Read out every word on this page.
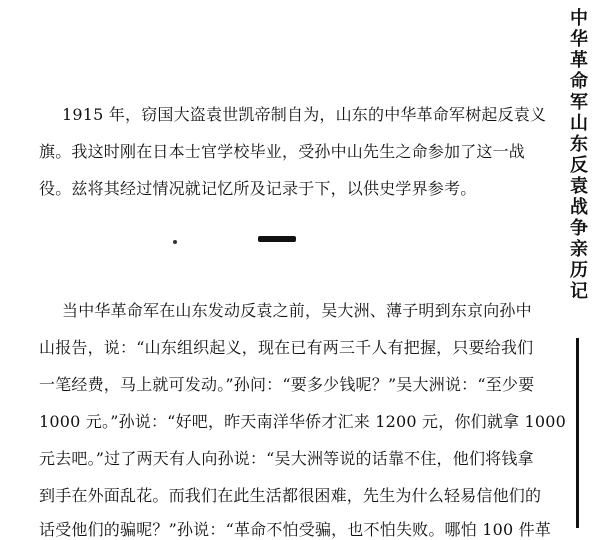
1915 年，窃国大盗袁世凯帝制自为，山东的中华革命军树起反袁义
旗。我这时刚在日本士官学校毕业，受孙中山先生之命参加了这一战
役。兹将其经过情况就记忆所及记录于下，以供史学界参考。
当中华革命军在山东发动反袁之前，吴大洲、薄子明到东京向孙中
山报告，说：“山东组织起义，现在已有两三千人有把握，只要给我们
一笔经费，马上就可发动。”孙问：“要多少钱呢？”吴大洲说：“至少要
1000 元。”孙说：“好吧，昨天南洋华侨才汇来 1200 元，你们就拿 1000
元去吧。”过了两天有人向孙说：“吴大洲等说的话靠不住，他们将钱拿
到手在外面乱花。而我们在此生活都很困难，先生为什么轻易信他们的
话受他们的骗呢？”孙说：“革命不怕受骗，也不怕失败。哪怕 100 件革
中
华
革
命
军
山
东
反
袁
战
争
亲
历
记
